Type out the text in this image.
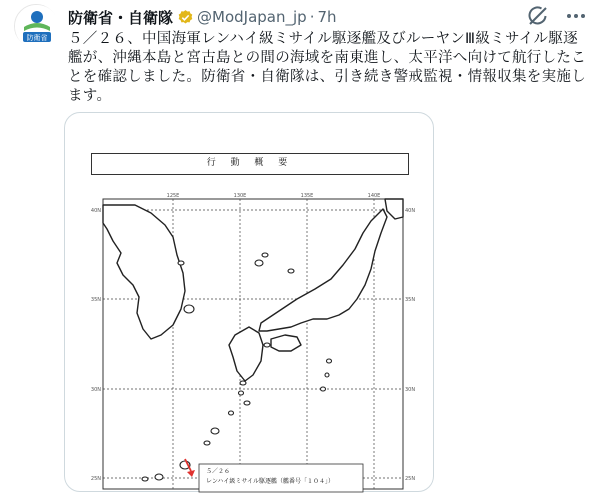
防衛省
防衛省・自衛隊 @ModJapan_jp · 7h
５／２６、中国海軍レンハイ級ミサイル駆逐艦及びルーヤンⅢ級ミサイル駆逐艦が、沖縄本島と宮古島との間の海域を南東進し、太平洋へ向けて航行したことを確認しました。防衛省・自衛隊は、引き続き警戒監視・情報収集を実施します。
125E	130E	135E	140E
40N	40N
35N	35N
30N	30N
25N	25N
５／２６
レンハイ級ミサイル駆逐艦（艦番号「１０４」）
行 動 概 要
